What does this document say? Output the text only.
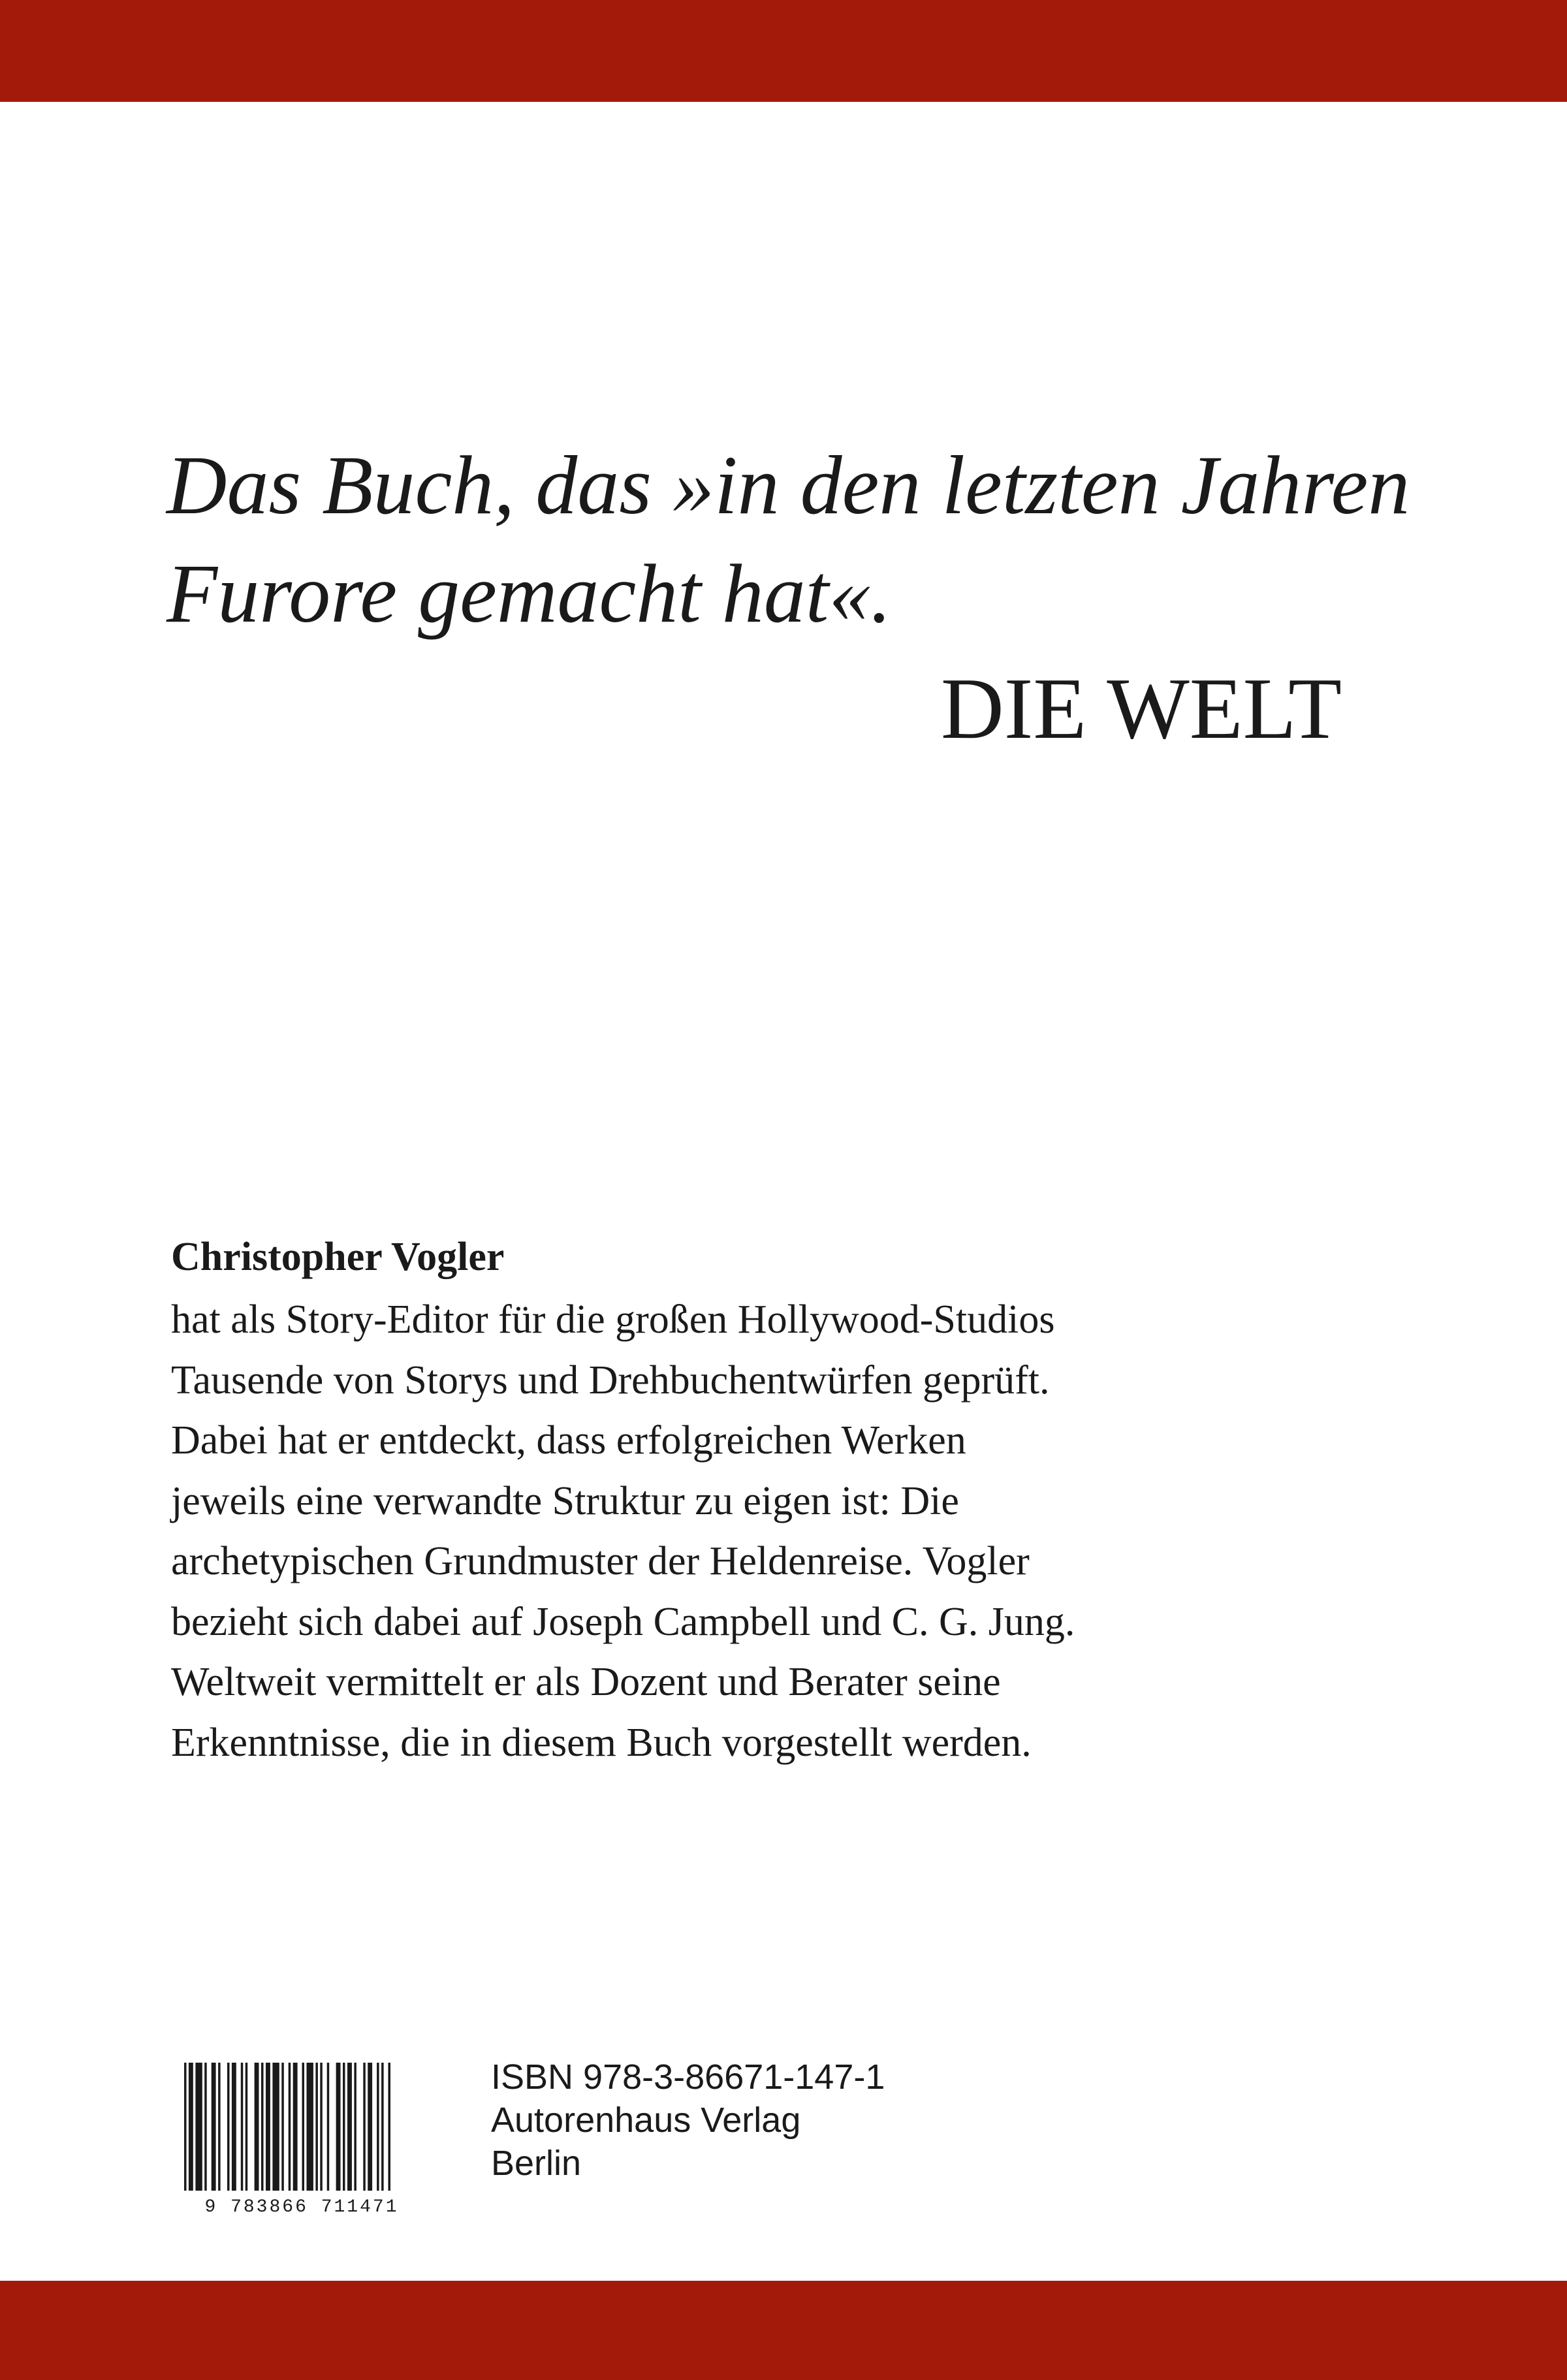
Das Buch, das »in den letzten Jahren
Furore gemacht hat«.
DIE WELT
Christopher Vogler
hat als Story-Editor für die großen Hollywood-Studios
Tausende von Storys und Drehbuchentwürfen geprüft.
Dabei hat er entdeckt, dass erfolgreichen Werken
jeweils eine verwandte Struktur zu eigen ist: Die
archetypischen Grundmuster der Heldenreise. Vogler
bezieht sich dabei auf Joseph Campbell und C. G. Jung.
Weltweit vermittelt er als Dozent und Berater seine
Erkenntnisse, die in diesem Buch vorgestellt werden.
9 783866 711471
ISBN 978-3-86671-147-1
Autorenhaus Verlag
Berlin
